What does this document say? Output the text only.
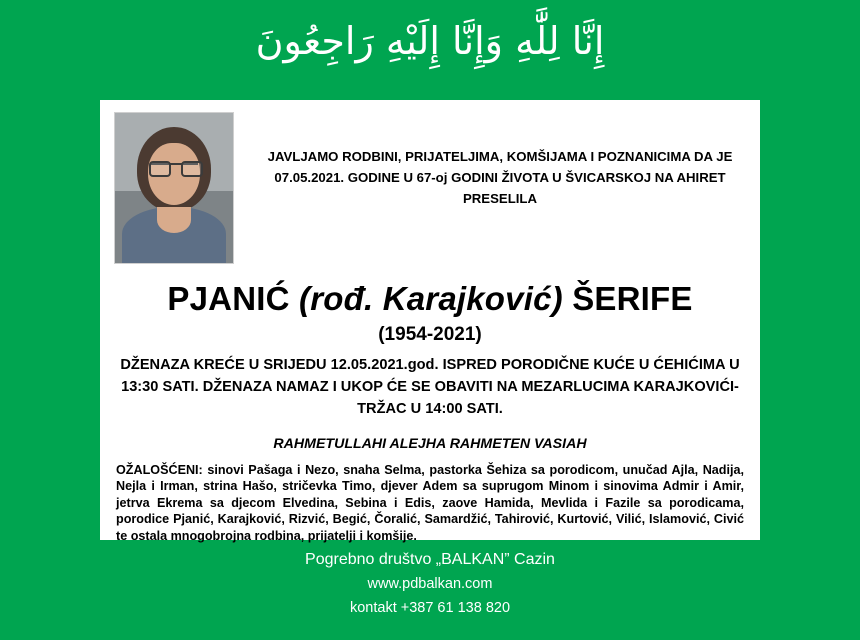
إِنَّا لِلَّٰهِ وَإِنَّا إِلَيْهِ رَاجِعُونَ
JAVLJAMO RODBINI, PRIJATELJIMA, KOMŠIJAMA I POZNANICIMA DA JE 07.05.2021. GODINE U 67-oj GODINI ŽIVOTA U ŠVICARSKOJ NA AHIRET PRESELILA
PJANIĆ (rođ. Karajković) ŠERIFE
(1954-2021)
DŽENAZA KREĆE U SRIJEDU 12.05.2021.god. ISPRED PORODIČNE KUĆE U ĆEHIĆIMA U 13:30 SATI. DŽENAZA NAMAZ I UKOP ĆE SE OBAVITI NA MEZARLUCIMA KARAJKOVIĆI-TRŽAC U 14:00 SATI.
RAHMETULLAHI ALEJHA RAHMETEN VASIAH
OŽALOŠĆENI: sinovi Pašaga i Nezo, snaha Selma, pastorka Šehiza sa porodicom, unučad Ajla, Nadija, Nejla i Irman, strina Hašo, stričevka Timo, djever Adem sa suprugom Minom i sinovima Admir i Amir, jetrva Ekrema sa djecom Elvedina, Sebina i Edis, zaove Hamida, Mevlida i Fazile sa porodicama, porodice Pjanić, Karajković, Rizvić, Begić, Čoralić, Samardžić, Tahirović, Kurtović, Vilić, Islamović, Civić te ostala mnogobrojna rodbina, prijatelji i komšije.
Pogrebno društvo „BALKAN” Cazin
www.pdbalkan.com
kontakt +387 61 138 820
